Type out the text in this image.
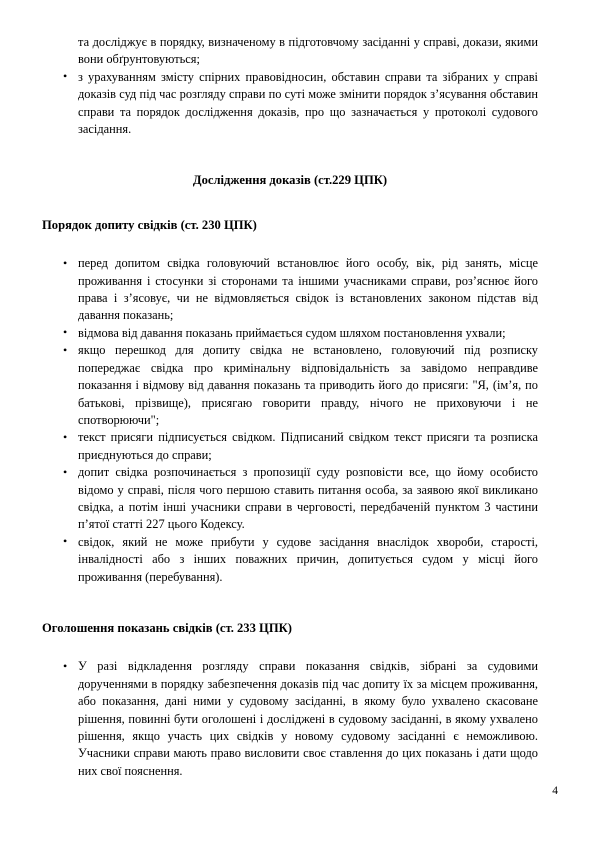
та досліджує в порядку, визначеному в підготовчому засіданні у справі, докази, якими вони обґрунтовуються;
• з урахуванням змісту спірних правовідносин, обставин справи та зібраних у справі доказів суд під час розгляду справи по суті може змінити порядок з’ясування обставин справи та порядок дослідження доказів, про що зазначається у протоколі судового засідання.
Дослідження доказів (ст.229 ЦПК)
Порядок допиту свідків (ст. 230 ЦПК)
• перед допитом свідка головуючий встановлює його особу, вік, рід занять, місце проживання і стосунки зі сторонами та іншими учасниками справи, роз’яснює його права і з’ясовує, чи не відмовляється свідок із встановлених законом підстав від давання показань;
• відмова від давання показань приймається судом шляхом постановлення ухвали;
• якщо перешкод для допиту свідка не встановлено, головуючий під розписку попереджає свідка про кримінальну відповідальність за завідомо неправдиве показання і відмову від давання показань та приводить його до присяги: "Я, (ім’я, по батькові, прізвище), присягаю говорити правду, нічого не приховуючи і не спотворюючи";
• текст присяги підписується свідком. Підписаний свідком текст присяги та розписка приєднуються до справи;
• допит свідка розпочинається з пропозиції суду розповісти все, що йому особисто відомо у справі, після чого першою ставить питання особа, за заявою якої викликано свідка, а потім інші учасники справи в черговості, передбаченій пунктом 3 частини п’ятої статті 227 цього Кодексу.
• свідок, який не може прибути у судове засідання внаслідок хвороби, старості, інвалідності або з інших поважних причин, допитується судом у місці його проживання (перебування).
Оголошення показань свідків (ст. 233 ЦПК)
• У разі відкладення розгляду справи показання свідків, зібрані за судовими дорученнями в порядку забезпечення доказів під час допиту їх за місцем проживання, або показання, дані ними у судовому засіданні, в якому було ухвалено скасоване рішення, повинні бути оголошені і досліджені в судовому засіданні, в якому ухвалено рішення, якщо участь цих свідків у новому судовому засіданні є неможливою. Учасники справи мають право висловити своє ставлення до цих показань і дати щодо них свої пояснення.
4
